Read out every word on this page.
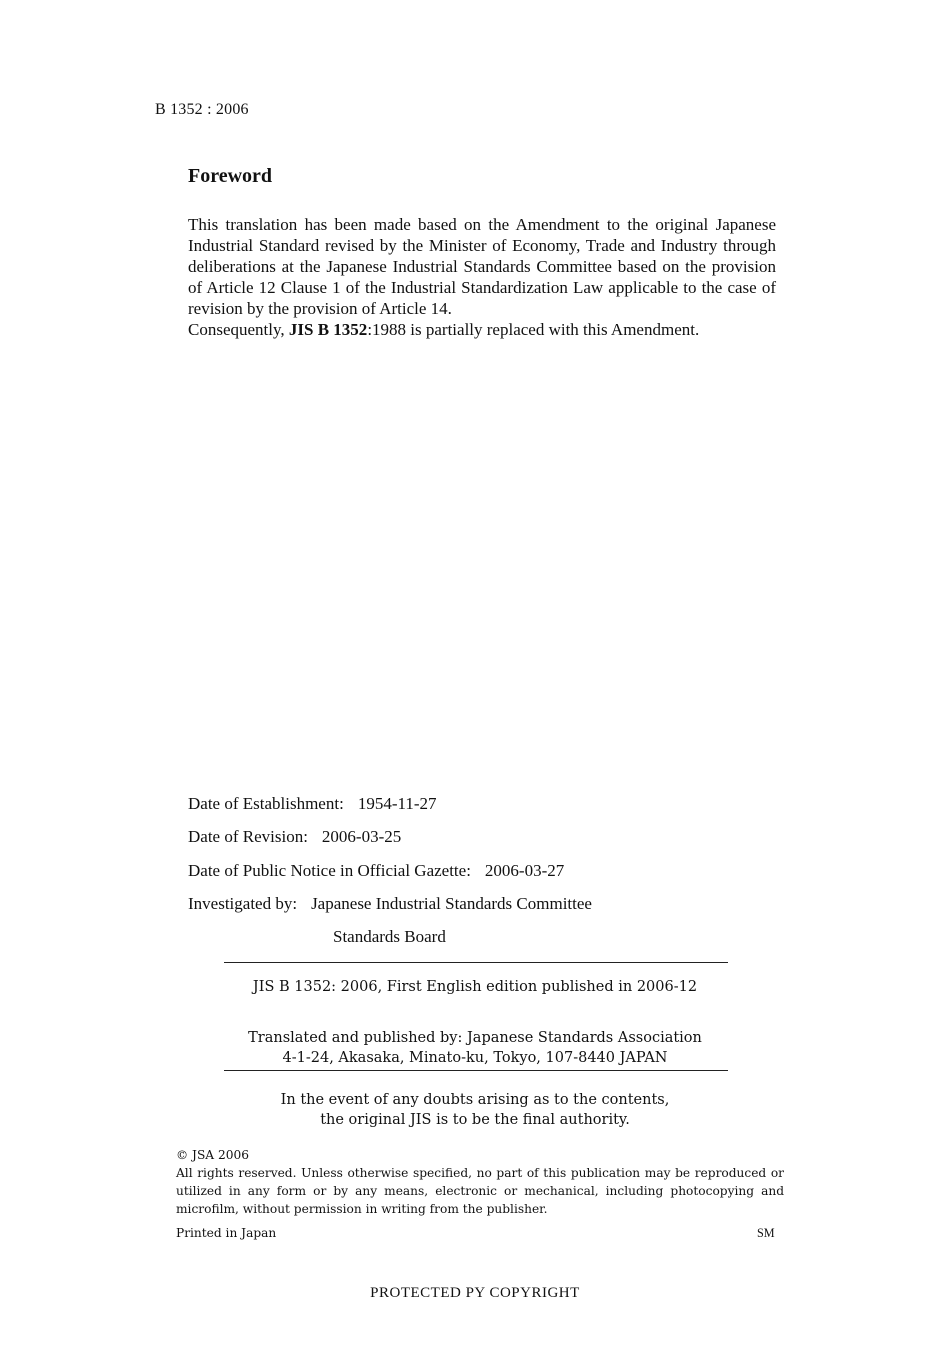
B 1352 : 2006
Foreword

This translation has been made based on the Amendment to the original Japanese Industrial Standard revised by the Minister of Economy, Trade and Industry through deliberations at the Japanese Industrial Standards Committee based on the provision of Article 12 Clause 1 of the Industrial Standardization Law applicable to the case of revision by the provision of Article 14.

Consequently, JIS B 1352:1988 is partially replaced with this Amendment.

Date of Establishment: 1954-11-27
Date of Revision: 2006-03-25
Date of Public Notice in Official Gazette: 2006-03-27
Investigated by: Japanese Industrial Standards Committee
Standards Board
JIS B 1352: 2006, First English edition published in 2006-12
Translated and published by: Japanese Standards Association
4-1-24, Akasaka, Minato-ku, Tokyo, 107-8440 JAPAN
In the event of any doubts arising as to the contents,
the original JIS is to be the final authority.
© JSA 2006
All rights reserved. Unless otherwise specified, no part of this publication may be reproduced or utilized in any form or by any means, electronic or mechanical, including photocopying and microfilm, without permission in writing from the publisher.
Printed in Japan	SM
PROTECTED PY COPYRIGHT
